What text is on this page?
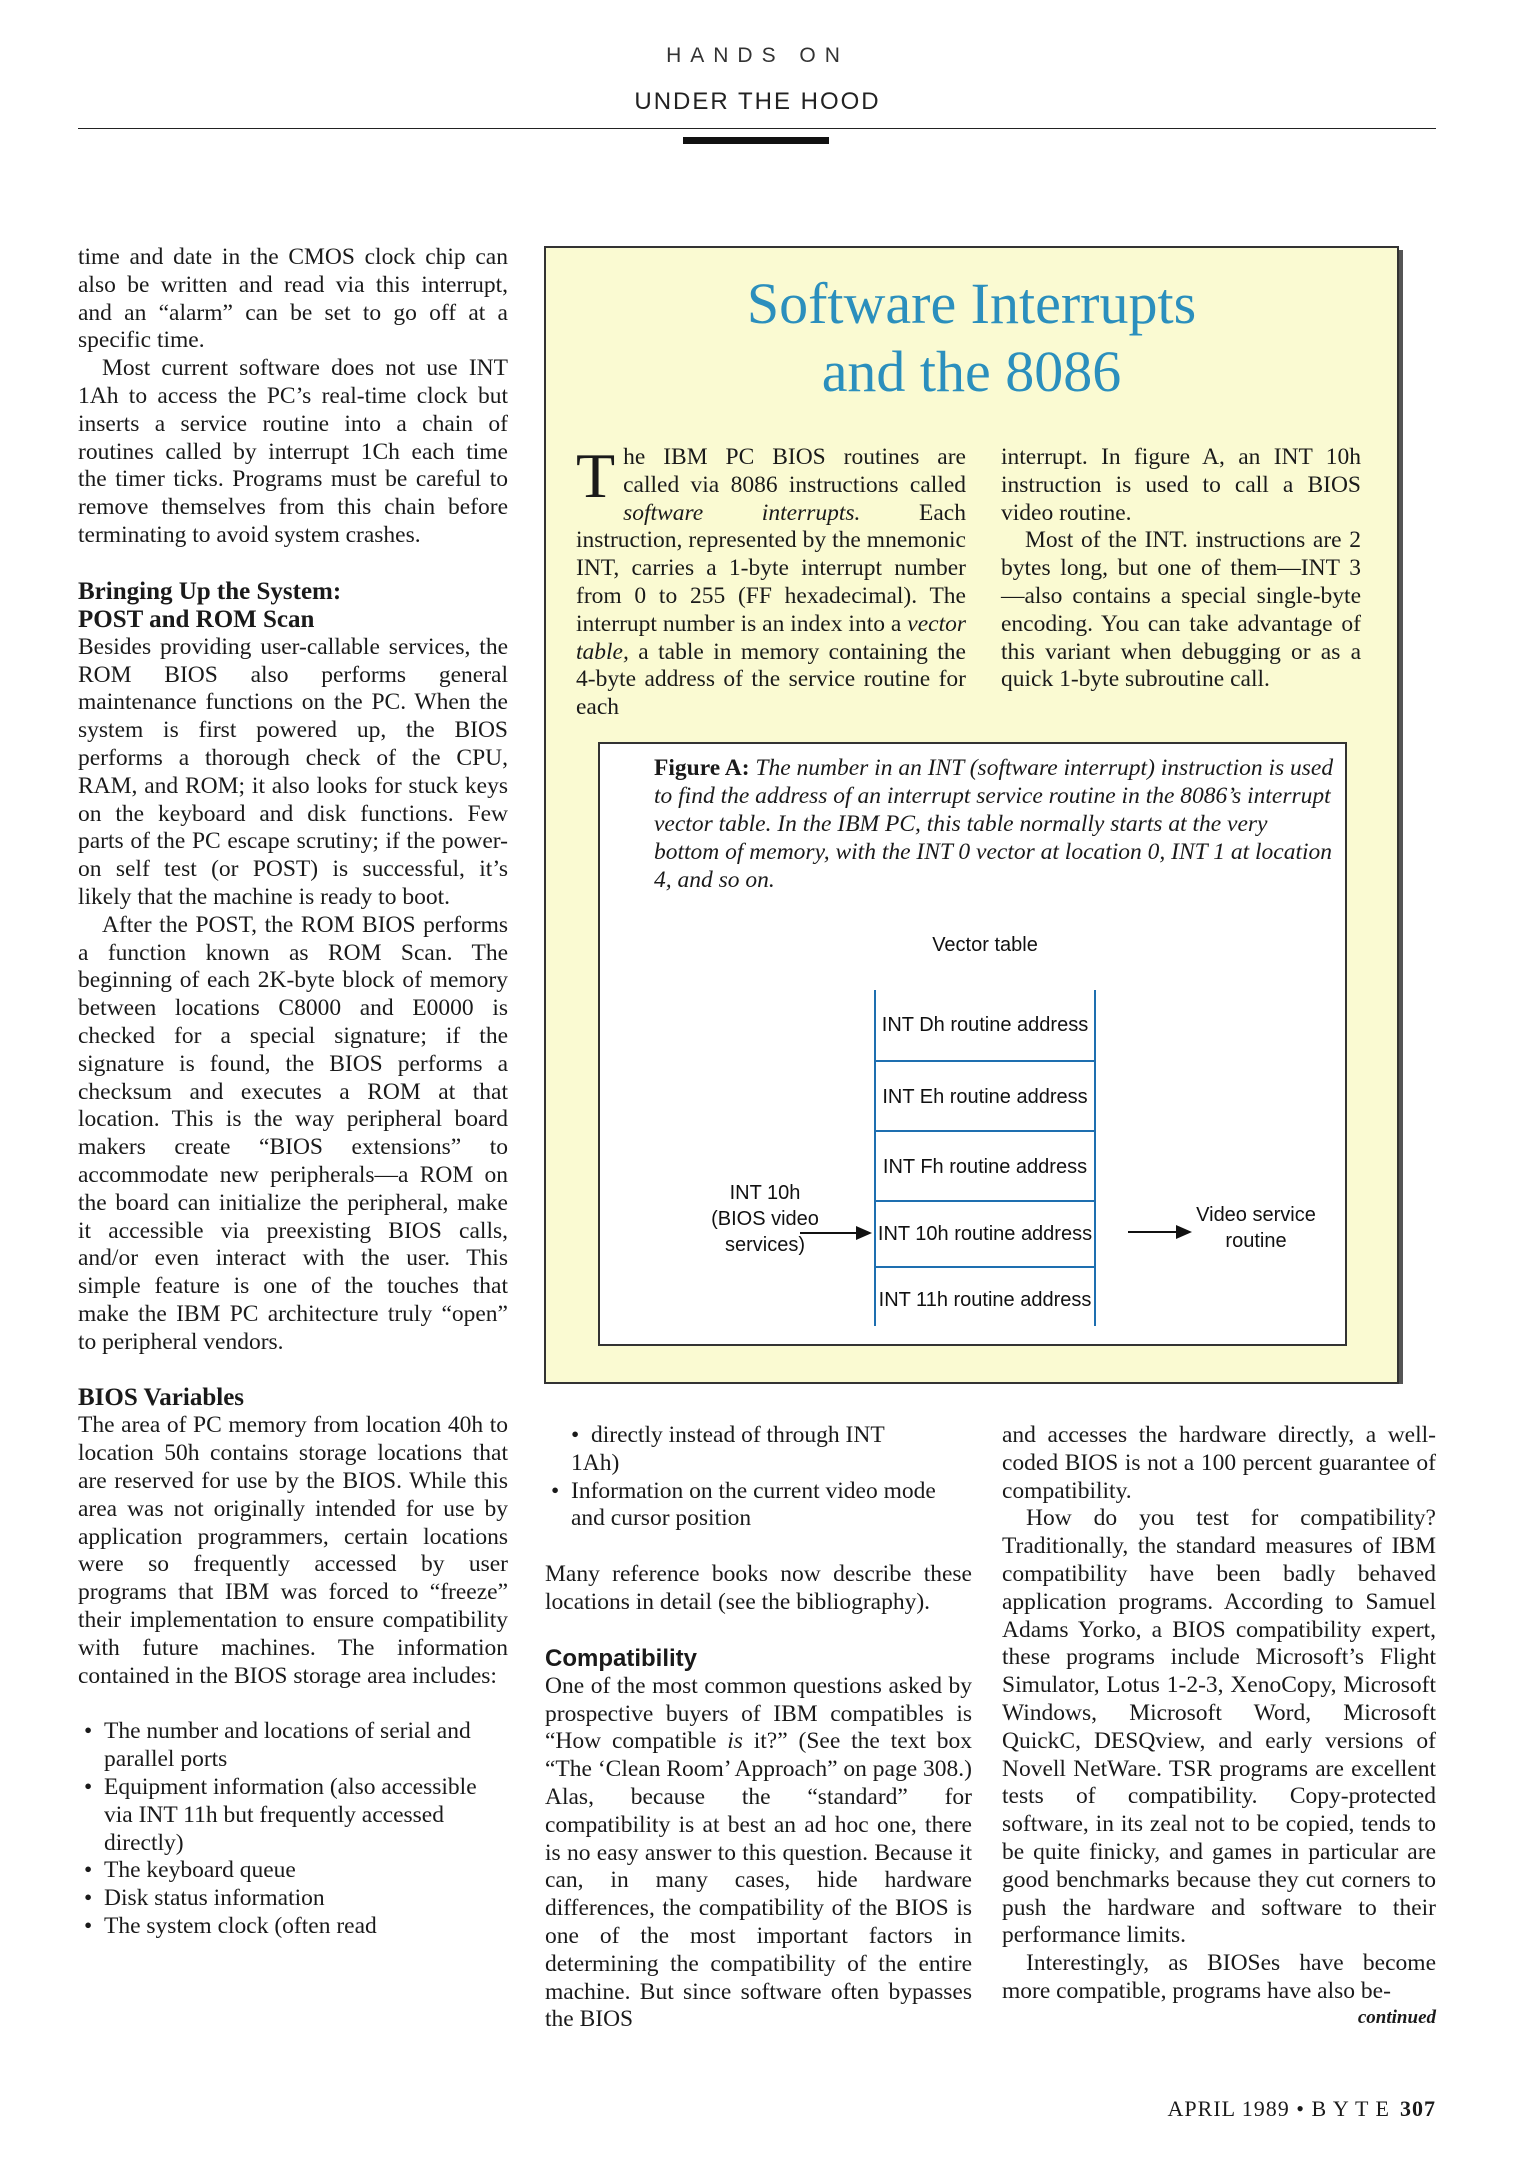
HANDS ON
UNDER THE HOOD

time and date in the CMOS clock chip can also be written and read via this interrupt, and an “alarm” can be set to go off at a specific time.

Most current software does not use INT 1Ah to access the PC’s real-time clock but inserts a service routine into a chain of routines called by interrupt 1Ch each time the timer ticks. Programs must be careful to remove themselves from this chain before terminating to avoid system crashes.

Bringing Up the System:

POST and ROM Scan

Besides providing user-callable services, the ROM BIOS also performs general maintenance functions on the PC. When the system is first powered up, the BIOS performs a thorough check of the CPU, RAM, and ROM; it also looks for stuck keys on the keyboard and disk functions. Few parts of the PC escape scrutiny; if the power-on self test (or POST) is successful, it’s likely that the machine is ready to boot.

After the POST, the ROM BIOS performs a function known as ROM Scan. The beginning of each 2K-byte block of memory between locations C8000 and E0000 is checked for a special signature; if the signature is found, the BIOS performs a checksum and executes a ROM at that location. This is the way peripheral board makers create “BIOS extensions” to accommodate new peripherals—a ROM on the board can initialize the peripheral, make it accessible via preexisting BIOS calls, and/or even interact with the user. This simple feature is one of the touches that make the IBM PC architecture truly “open” to peripheral vendors.

BIOS Variables

The area of PC memory from location 40h to location 50h contains storage locations that are reserved for use by the BIOS. While this area was not originally intended for use by application programmers, certain locations were so frequently accessed by user programs that IBM was forced to “freeze” their implementation to ensure compatibility with future machines. The information contained in the BIOS storage area includes:

• The number and locations of serial and parallel ports

• Equipment information (also accessible via INT 11h but frequently accessed directly)

• The keyboard queue

• Disk status information

• The system clock (often read

Software Interrupts
and the 8086

The IBM PC BIOS routines are called via 8086 instructions called software interrupts. Each instruction, represented by the mnemonic INT, carries a 1-byte interrupt number from 0 to 255 (FF hexadecimal). The interrupt number is an index into a vector table, a table in memory containing the 4-byte address of the service routine for each

interrupt. In figure A, an INT 10h instruction is used to call a BIOS video routine.

Most of the INT. instructions are 2 bytes long, but one of them—INT 3—also contains a special single-byte encoding. You can take advantage of this variant when debugging or as a quick 1-byte subroutine call.

Figure A: The number in an INT (software interrupt) instruction is used to find the address of an interrupt service routine in the 8086’s interrupt vector table. In the IBM PC, this table normally starts at the very bottom of memory, with the INT 0 vector at location 0, INT 1 at location 4, and so on.
Vector table
INT Dh routine address
INT Eh routine address
INT Fh routine address
INT 10h routine address
INT 11h routine address
INT 10h
(BIOS video
services)
Video service
routine

• directly instead of through INT
1Ah)

• Information on the current video mode and cursor position

Many reference books now describe these locations in detail (see the bibliography).

Compatibility

One of the most common questions asked by prospective buyers of IBM compatibles is “How compatible is it?” (See the text box “The ‘Clean Room’ Approach” on page 308.) Alas, because the “standard” for compatibility is at best an ad hoc one, there is no easy answer to this question. Because it can, in many cases, hide hardware differences, the compatibility of the BIOS is one of the most important factors in determining the compatibility of the entire machine. But since software often bypasses the BIOS

and accesses the hardware directly, a well-coded BIOS is not a 100 percent guarantee of compatibility.

How do you test for compatibility? Traditionally, the standard measures of IBM compatibility have been badly behaved application programs. According to Samuel Adams Yorko, a BIOS compatibility expert, these programs include Microsoft’s Flight Simulator, Lotus 1-2-3, XenoCopy, Microsoft Windows, Microsoft Word, Microsoft QuickC, DESQview, and early versions of Novell NetWare. TSR programs are excellent tests of compatibility. Copy-protected software, in its zeal not to be copied, tends to be quite finicky, and games in particular are good benchmarks because they cut corners to push the hardware and software to their performance limits.

Interestingly, as BIOSes have become more compatible, programs have also be-

continued

APRIL 1989 • B Y T E 307
